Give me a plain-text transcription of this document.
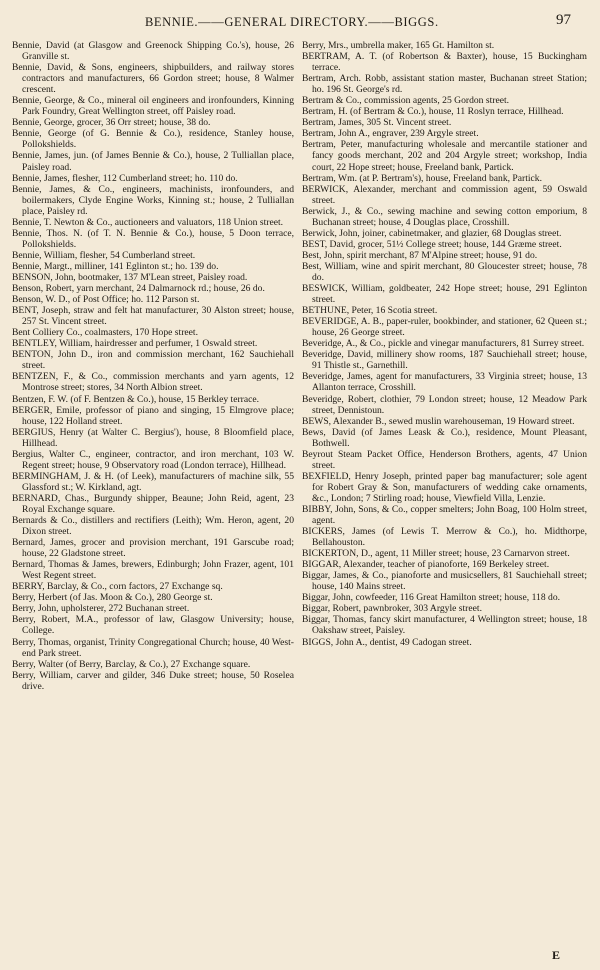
BENNIE.——GENERAL DIRECTORY.——BIGGS.	97

Bennie, David (at Glasgow and Greenock Shipping Co.'s), house, 26 Granville st.

Bennie, David, & Sons, engineers, shipbuilders, and railway stores contractors and manufacturers, 66 Gordon street; house, 8 Walmer crescent.

Bennie, George, & Co., mineral oil engineers and ironfounders, Kinning Park Foundry, Great Wellington street, off Paisley road.

Bennie, George, grocer, 36 Orr street; house, 38 do.

Bennie, George (of G. Bennie & Co.), residence, Stanley house, Pollokshields.

Bennie, James, jun. (of James Bennie & Co.), house, 2 Tulliallan place, Paisley road.

Bennie, James, flesher, 112 Cumberland street; ho. 110 do.

Bennie, James, & Co., engineers, machinists, ironfounders, and boilermakers, Clyde Engine Works, Kinning st.; house, 2 Tulliallan place, Paisley rd.

Bennie, T. Newton & Co., auctioneers and valuators, 118 Union street.

Bennie, Thos. N. (of T. N. Bennie & Co.), house, 5 Doon terrace, Pollokshields.

Bennie, William, flesher, 54 Cumberland street.

Bennie, Margt., milliner, 141 Eglinton st.; ho. 139 do.

BENSON, John, bootmaker, 137 M'Lean street, Paisley road.

Benson, Robert, yarn merchant, 24 Dalmarnock rd.; house, 26 do.

Benson, W. D., of Post Office; ho. 112 Parson st.

BENT, Joseph, straw and felt hat manufacturer, 30 Alston street; house, 257 St. Vincent street.

Bent Colliery Co., coalmasters, 170 Hope street.

BENTLEY, William, hairdresser and perfumer, 1 Oswald street.

BENTON, John D., iron and commission merchant, 162 Sauchiehall street.

BENTZEN, F., & Co., commission merchants and yarn agents, 12 Montrose street; stores, 34 North Albion street.

Bentzen, F. W. (of F. Bentzen & Co.), house, 15 Berkley terrace.

BERGER, Emile, professor of piano and singing, 15 Elmgrove place; house, 122 Holland street.

BERGIUS, Henry (at Walter C. Bergius'), house, 8 Bloomfield place, Hillhead.

Bergius, Walter C., engineer, contractor, and iron merchant, 103 W. Regent street; house, 9 Observatory road (London terrace), Hillhead.

BERMINGHAM, J. & H. (of Leek), manufacturers of machine silk, 55 Glassford st.; W. Kirkland, agt.

BERNARD, Chas., Burgundy shipper, Beaune; John Reid, agent, 23 Royal Exchange square.

Bernards & Co., distillers and rectifiers (Leith); Wm. Heron, agent, 20 Dixon street.

Bernard, James, grocer and provision merchant, 191 Garscube road; house, 22 Gladstone street.

Bernard, Thomas & James, brewers, Edinburgh; John Frazer, agent, 101 West Regent street.

BERRY, Barclay, & Co., corn factors, 27 Exchange sq.

Berry, Herbert (of Jas. Moon & Co.), 280 George st.

Berry, John, upholsterer, 272 Buchanan street.

Berry, Robert, M.A., professor of law, Glasgow University; house, College.

Berry, Thomas, organist, Trinity Congregational Church; house, 40 West-end Park street.

Berry, Walter (of Berry, Barclay, & Co.), 27 Exchange square.

Berry, William, carver and gilder, 346 Duke street; house, 50 Roselea drive.

Berry, Mrs., umbrella maker, 165 Gt. Hamilton st.

BERTRAM, A. T. (of Robertson & Baxter), house, 15 Buckingham terrace.

Bertram, Arch. Robb, assistant station master, Buchanan street Station; ho. 196 St. George's rd.

Bertram & Co., commission agents, 25 Gordon street.

Bertram, H. (of Bertram & Co.), house, 11 Roslyn terrace, Hillhead.

Bertram, James, 305 St. Vincent street.

Bertram, John A., engraver, 239 Argyle street.

Bertram, Peter, manufacturing wholesale and mercantile stationer and fancy goods merchant, 202 and 204 Argyle street; workshop, India court, 22 Hope street; house, Freeland bank, Partick.

Bertram, Wm. (at P. Bertram's), house, Freeland bank, Partick.

BERWICK, Alexander, merchant and commission agent, 59 Oswald street.

Berwick, J., & Co., sewing machine and sewing cotton emporium, 8 Buchanan street; house, 4 Douglas place, Crosshill.

Berwick, John, joiner, cabinetmaker, and glazier, 68 Douglas street.

BEST, David, grocer, 51½ College street; house, 144 Græme street.

Best, John, spirit merchant, 87 M'Alpine street; house, 91 do.

Best, William, wine and spirit merchant, 80 Gloucester street; house, 78 do.

BESWICK, William, goldbeater, 242 Hope street; house, 291 Eglinton street.

BETHUNE, Peter, 16 Scotia street.

BEVERIDGE, A. B., paper-ruler, bookbinder, and stationer, 62 Queen st.; house, 26 George street.

Beveridge, A., & Co., pickle and vinegar manufacturers, 81 Surrey street.

Beveridge, David, millinery show rooms, 187 Sauchiehall street; house, 91 Thistle st., Garnethill.

Beveridge, James, agent for manufacturers, 33 Virginia street; house, 13 Allanton terrace, Crosshill.

Beveridge, Robert, clothier, 79 London street; house, 12 Meadow Park street, Dennistoun.

BEWS, Alexander B., sewed muslin warehouseman, 19 Howard street.

Bews, David (of James Leask & Co.), residence, Mount Pleasant, Bothwell.

Beyrout Steam Packet Office, Henderson Brothers, agents, 47 Union street.

BEXFIELD, Henry Joseph, printed paper bag manufacturer; sole agent for Robert Gray & Son, manufacturers of wedding cake ornaments, &c., London; 7 Stirling road; house, Viewfield Villa, Lenzie.

BIBBY, John, Sons, & Co., copper smelters; John Boag, 100 Holm street, agent.

BICKERS, James (of Lewis T. Merrow & Co.), ho. Midthorpe, Bellahouston.

BICKERTON, D., agent, 11 Miller street; house, 23 Carnarvon street.

BIGGAR, Alexander, teacher of pianoforte, 169 Berkeley street.

Biggar, James, & Co., pianoforte and musicsellers, 81 Sauchiehall street; house, 140 Mains street.

Biggar, John, cowfeeder, 116 Great Hamilton street; house, 118 do.

Biggar, Robert, pawnbroker, 303 Argyle street.

Biggar, Thomas, fancy skirt manufacturer, 4 Wellington street; house, 18 Oakshaw street, Paisley.

BIGGS, John A., dentist, 49 Cadogan street.

E
